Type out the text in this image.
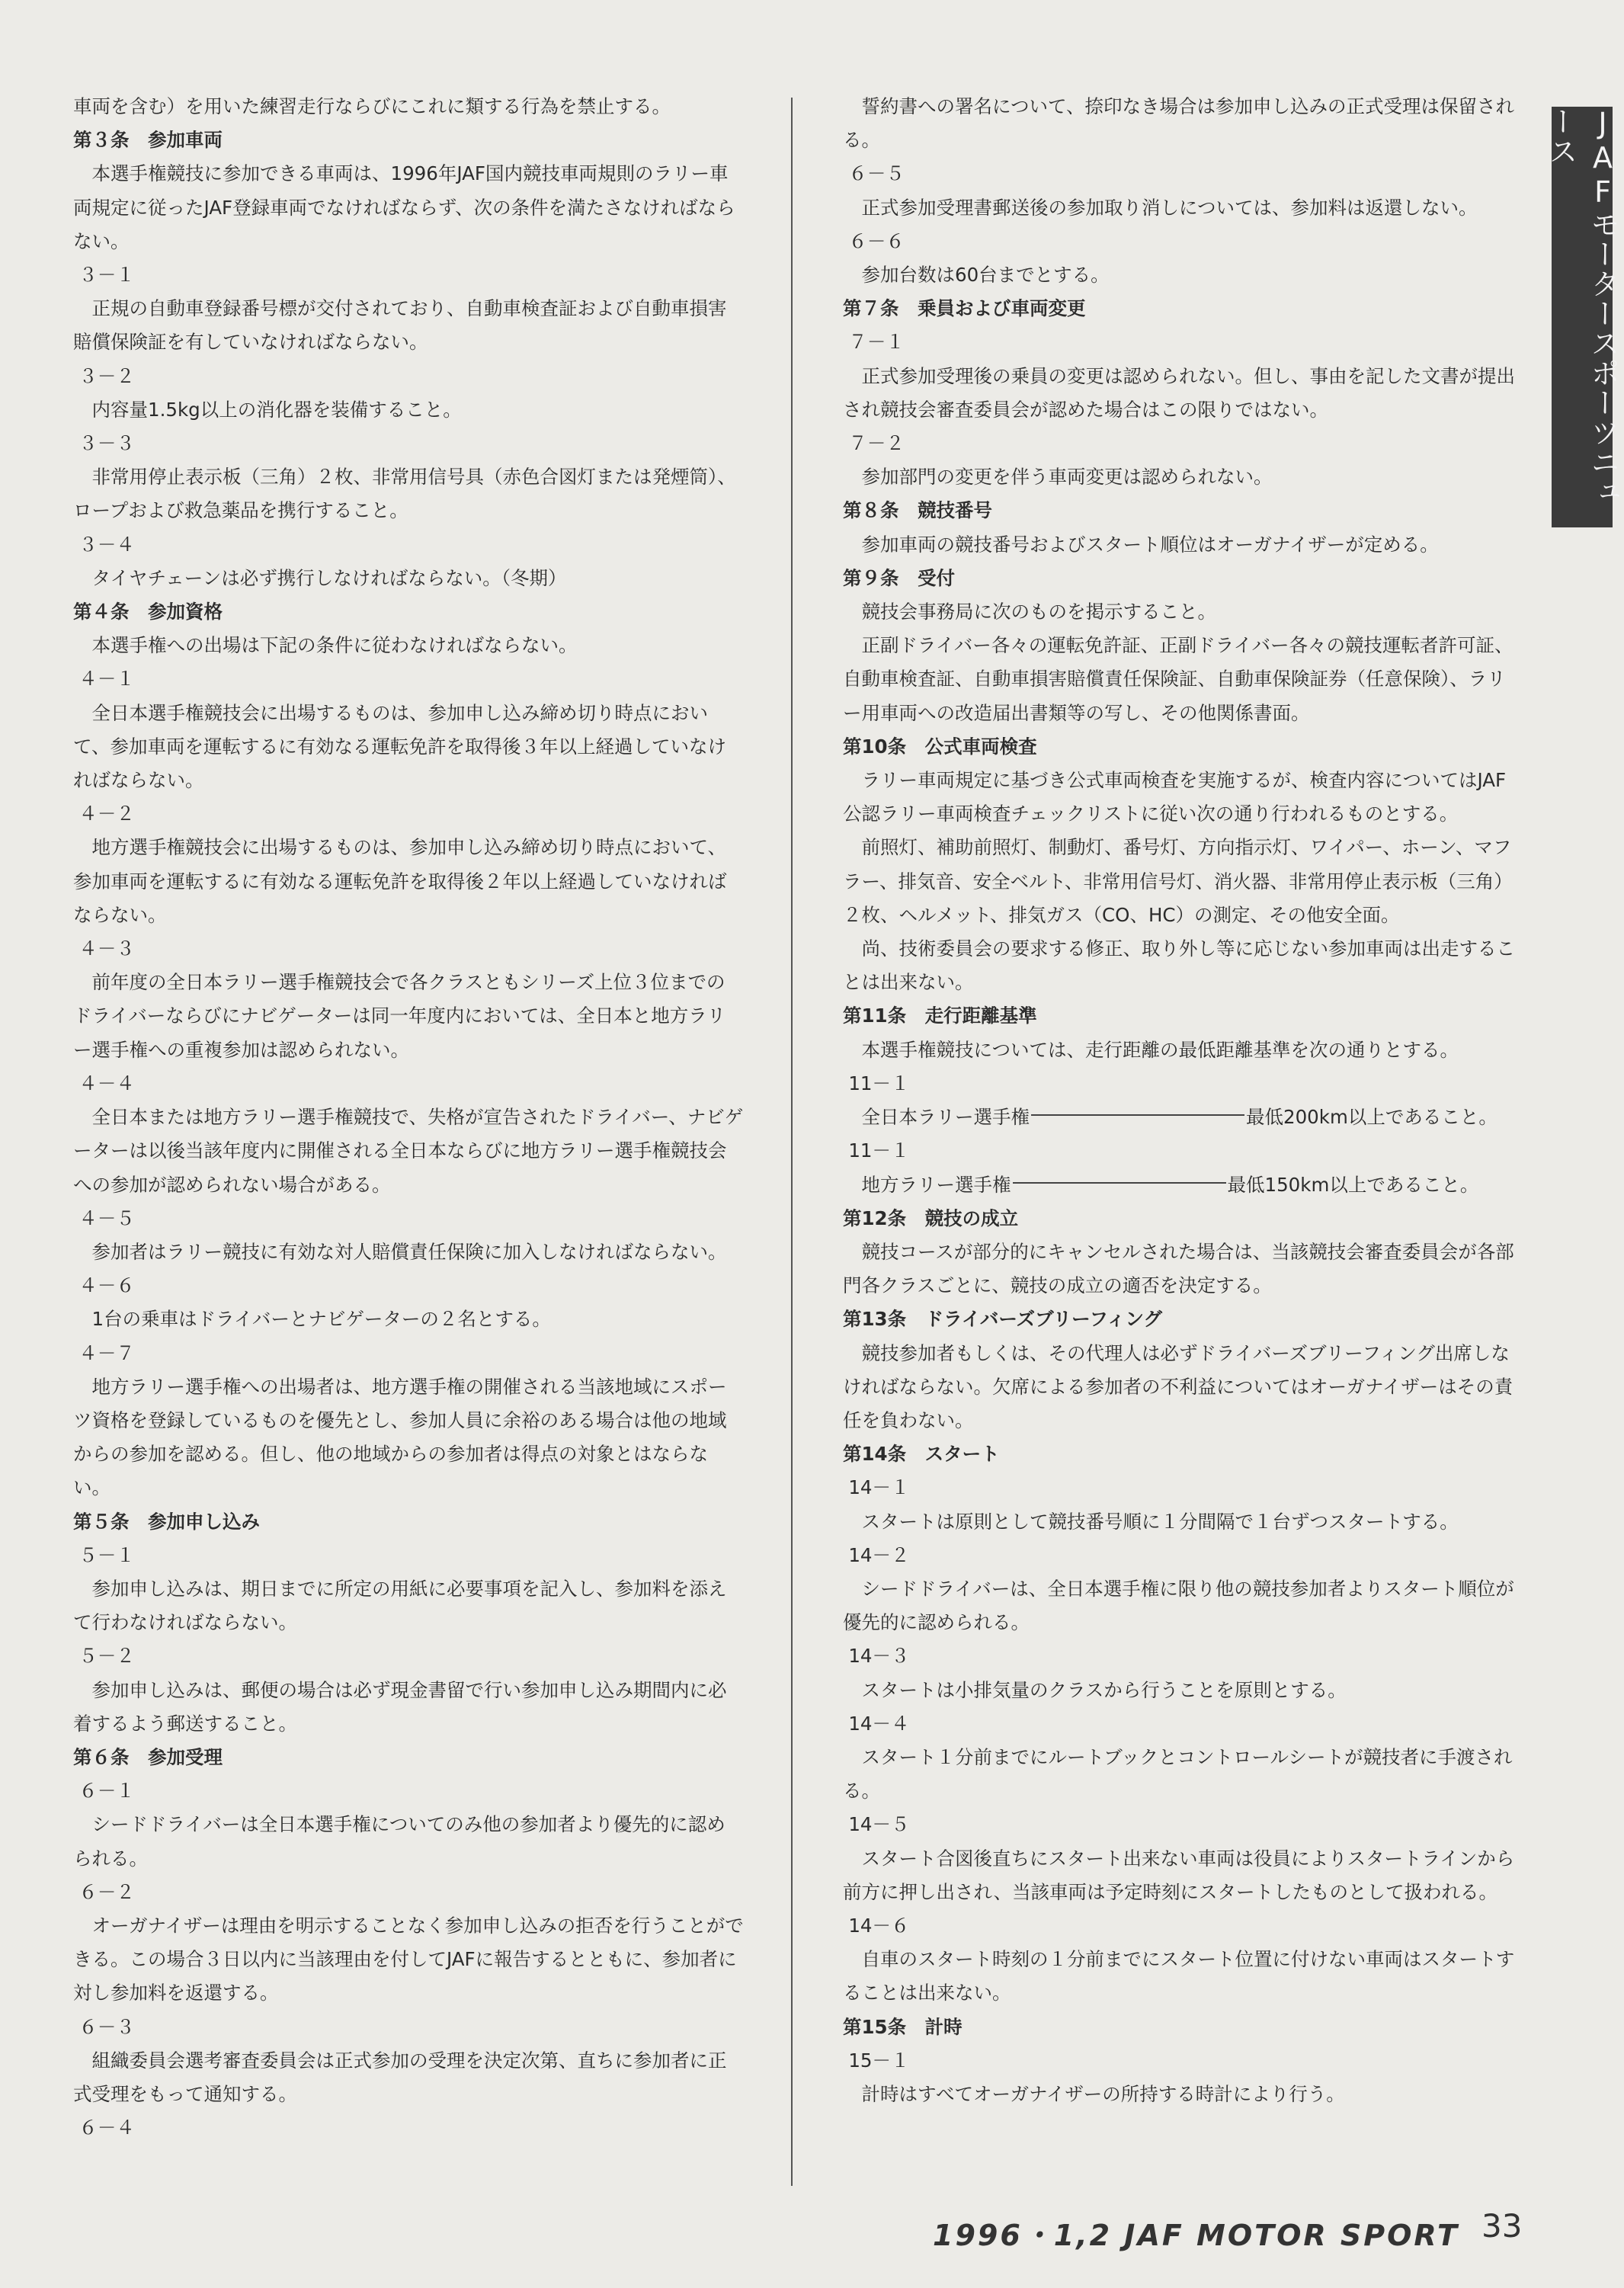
車両を含む）を用いた練習走行ならびにこれに類する行為を禁止する。

第３条　参加車両

本選手権競技に参加できる車両は、1996年JAF国内競技車両規則のラリー車両規定に従ったJAF登録車両でなければならず、次の条件を満たさなければならない。

３－１

正規の自動車登録番号標が交付されており、自動車検査証および自動車損害賠償保険証を有していなければならない。

３－２

内容量1.5kg以上の消化器を装備すること。

３－３

非常用停止表示板（三角）２枚、非常用信号具（赤色合図灯または発煙筒）、ロープおよび救急薬品を携行すること。

３－４

タイヤチェーンは必ず携行しなければならない。（冬期）

第４条　参加資格

本選手権への出場は下記の条件に従わなければならない。

４－１

全日本選手権競技会に出場するものは、参加申し込み締め切り時点において、参加車両を運転するに有効なる運転免許を取得後３年以上経過していなければならない。

４－２

地方選手権競技会に出場するものは、参加申し込み締め切り時点において、参加車両を運転するに有効なる運転免許を取得後２年以上経過していなければならない。

４－３

前年度の全日本ラリー選手権競技会で各クラスともシリーズ上位３位までのドライバーならびにナビゲーターは同一年度内においては、全日本と地方ラリー選手権への重複参加は認められない。

４－４

全日本または地方ラリー選手権競技で、失格が宣告されたドライバー、ナビゲーターは以後当該年度内に開催される全日本ならびに地方ラリー選手権競技会への参加が認められない場合がある。

４－５

参加者はラリー競技に有効な対人賠償責任保険に加入しなければならない。

４－６

1台の乗車はドライバーとナビゲーターの２名とする。

４－７

地方ラリー選手権への出場者は、地方選手権の開催される当該地域にスポーツ資格を登録しているものを優先とし、参加人員に余裕のある場合は他の地域からの参加を認める。但し、他の地域からの参加者は得点の対象とはならない。

第５条　参加申し込み

５－１

参加申し込みは、期日までに所定の用紙に必要事項を記入し、参加料を添えて行わなければならない。

５－２

参加申し込みは、郵便の場合は必ず現金書留で行い参加申し込み期間内に必着するよう郵送すること。

第６条　参加受理

６－１

シードドライバーは全日本選手権についてのみ他の参加者より優先的に認められる。

６－２

オーガナイザーは理由を明示することなく参加申し込みの拒否を行うことができる。この場合３日以内に当該理由を付してJAFに報告するとともに、参加者に対し参加料を返還する。

６－３

組織委員会選考審査委員会は正式参加の受理を決定次第、直ちに参加者に正式受理をもって通知する。

６－４

誓約書への署名について、捺印なき場合は参加申し込みの正式受理は保留される。

６－５

正式参加受理書郵送後の参加取り消しについては、参加料は返還しない。

６－６

参加台数は60台までとする。

第７条　乗員および車両変更

７－１

正式参加受理後の乗員の変更は認められない。但し、事由を記した文書が提出され競技会審査委員会が認めた場合はこの限りではない。

７－２

参加部門の変更を伴う車両変更は認められない。

第８条　競技番号

参加車両の競技番号およびスタート順位はオーガナイザーが定める。

第９条　受付

競技会事務局に次のものを掲示すること。

正副ドライバー各々の運転免許証、正副ドライバー各々の競技運転者許可証、自動車検査証、自動車損害賠償責任保険証、自動車保険証券（任意保険）、ラリー用車両への改造届出書類等の写し、その他関係書面。

第10条　公式車両検査

ラリー車両規定に基づき公式車両検査を実施するが、検査内容についてはJAF公認ラリー車両検査チェックリストに従い次の通り行われるものとする。

前照灯、補助前照灯、制動灯、番号灯、方向指示灯、ワイパー、ホーン、マフラー、排気音、安全ベルト、非常用信号灯、消火器、非常用停止表示板（三角）２枚、ヘルメット、排気ガス（CO、HC）の測定、その他安全面。

尚、技術委員会の要求する修正、取り外し等に応じない参加車両は出走することは出来ない。

第11条　走行距離基準

本選手権競技については、走行距離の最低距離基準を次の通りとする。

11－１

全日本ラリー選手権	最低200km以上であること。

11－１

地方ラリー選手権	最低150km以上であること。

第12条　競技の成立

競技コースが部分的にキャンセルされた場合は、当該競技会審査委員会が各部門各クラスごとに、競技の成立の適否を決定する。

第13条　ドライバーズブリーフィング

競技参加者もしくは、その代理人は必ずドライバーズブリーフィング出席しなければならない。欠席による参加者の不利益についてはオーガナイザーはその責任を負わない。

第14条　スタート

14－１

スタートは原則として競技番号順に１分間隔で１台ずつスタートする。

14－２

シードドライバーは、全日本選手権に限り他の競技参加者よりスタート順位が優先的に認められる。

14－３

スタートは小排気量のクラスから行うことを原則とする。

14－４

スタート１分前までにルートブックとコントロールシートが競技者に手渡される。

14－５

スタート合図後直ちにスタート出来ない車両は役員によりスタートラインから前方に押し出され、当該車両は予定時刻にスタートしたものとして扱われる。

14－６

自車のスタート時刻の１分前までにスタート位置に付けない車両はスタートすることは出来ない。

第15条　計時

15－１

計時はすべてオーガナイザーの所持する時計により行う。

JAFモータースポーツニュース
1996・1,2 JAF MOTOR SPORT 33
